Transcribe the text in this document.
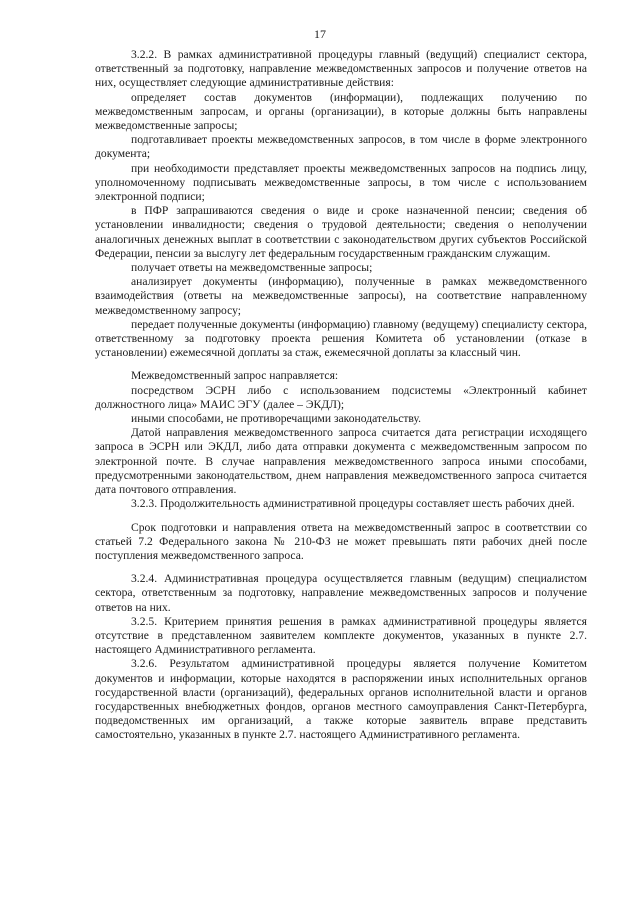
17

3.2.2. В рамках административной процедуры главный (ведущий) специалист сектора, ответственный за подготовку, направление межведомственных запросов и получение ответов на них, осуществляет следующие административные действия:

определяет состав документов (информации), подлежащих получению по межведомственным запросам, и органы (организации), в которые должны быть направлены межведомственные запросы;

подготавливает проекты межведомственных запросов, в том числе в форме электронного документа;

при необходимости представляет проекты межведомственных запросов на подпись лицу, уполномоченному подписывать межведомственные запросы, в том числе с использованием электронной подписи;

в ПФР запрашиваются сведения о виде и сроке назначенной пенсии; сведения об установлении инвалидности; сведения о трудовой деятельности; сведения о неполучении аналогичных денежных выплат в соответствии с законодательством других субъектов Российской Федерации, пенсии за выслугу лет федеральным государственным гражданским служащим.

получает ответы на межведомственные запросы;

анализирует документы (информацию), полученные в рамках межведомственного взаимодействия (ответы на межведомственные запросы), на соответствие направленному межведомственному запросу;

передает полученные документы (информацию) главному (ведущему) специалисту сектора, ответственному за подготовку проекта решения Комитета об установлении (отказе в установлении) ежемесячной доплаты за стаж, ежемесячной доплаты за классный чин.

Межведомственный запрос направляется:

посредством ЭСРН либо с использованием подсистемы «Электронный кабинет должностного лица» МАИС ЭГУ (далее – ЭКДЛ);

иными способами, не противоречащими законодательству.

Датой направления межведомственного запроса считается дата регистрации исходящего запроса в ЭСРН или ЭКДЛ, либо дата отправки документа с межведомственным запросом по электронной почте. В случае направления межведомственного запроса иными способами, предусмотренными законодательством, днем направления межведомственного запроса считается дата почтового отправления.

3.2.3. Продолжительность административной процедуры составляет шесть рабочих дней.

Срок подготовки и направления ответа на межведомственный запрос в соответствии со статьей 7.2 Федерального закона № 210-ФЗ не может превышать пяти рабочих дней после поступления межведомственного запроса.

3.2.4. Административная процедура осуществляется главным (ведущим) специалистом сектора, ответственным за подготовку, направление межведомственных запросов и получение ответов на них.

3.2.5. Критерием принятия решения в рамках административной процедуры является отсутствие в представленном заявителем комплекте документов, указанных в пункте 2.7. настоящего Административного регламента.

3.2.6. Результатом административной процедуры является получение Комитетом документов и информации, которые находятся в распоряжении иных исполнительных органов государственной власти (организаций), федеральных органов исполнительной власти и органов государственных внебюджетных фондов, органов местного самоуправления Санкт-Петербурга, подведомственных им организаций, а также которые заявитель вправе представить самостоятельно, указанных в пункте 2.7. настоящего Административного регламента.
